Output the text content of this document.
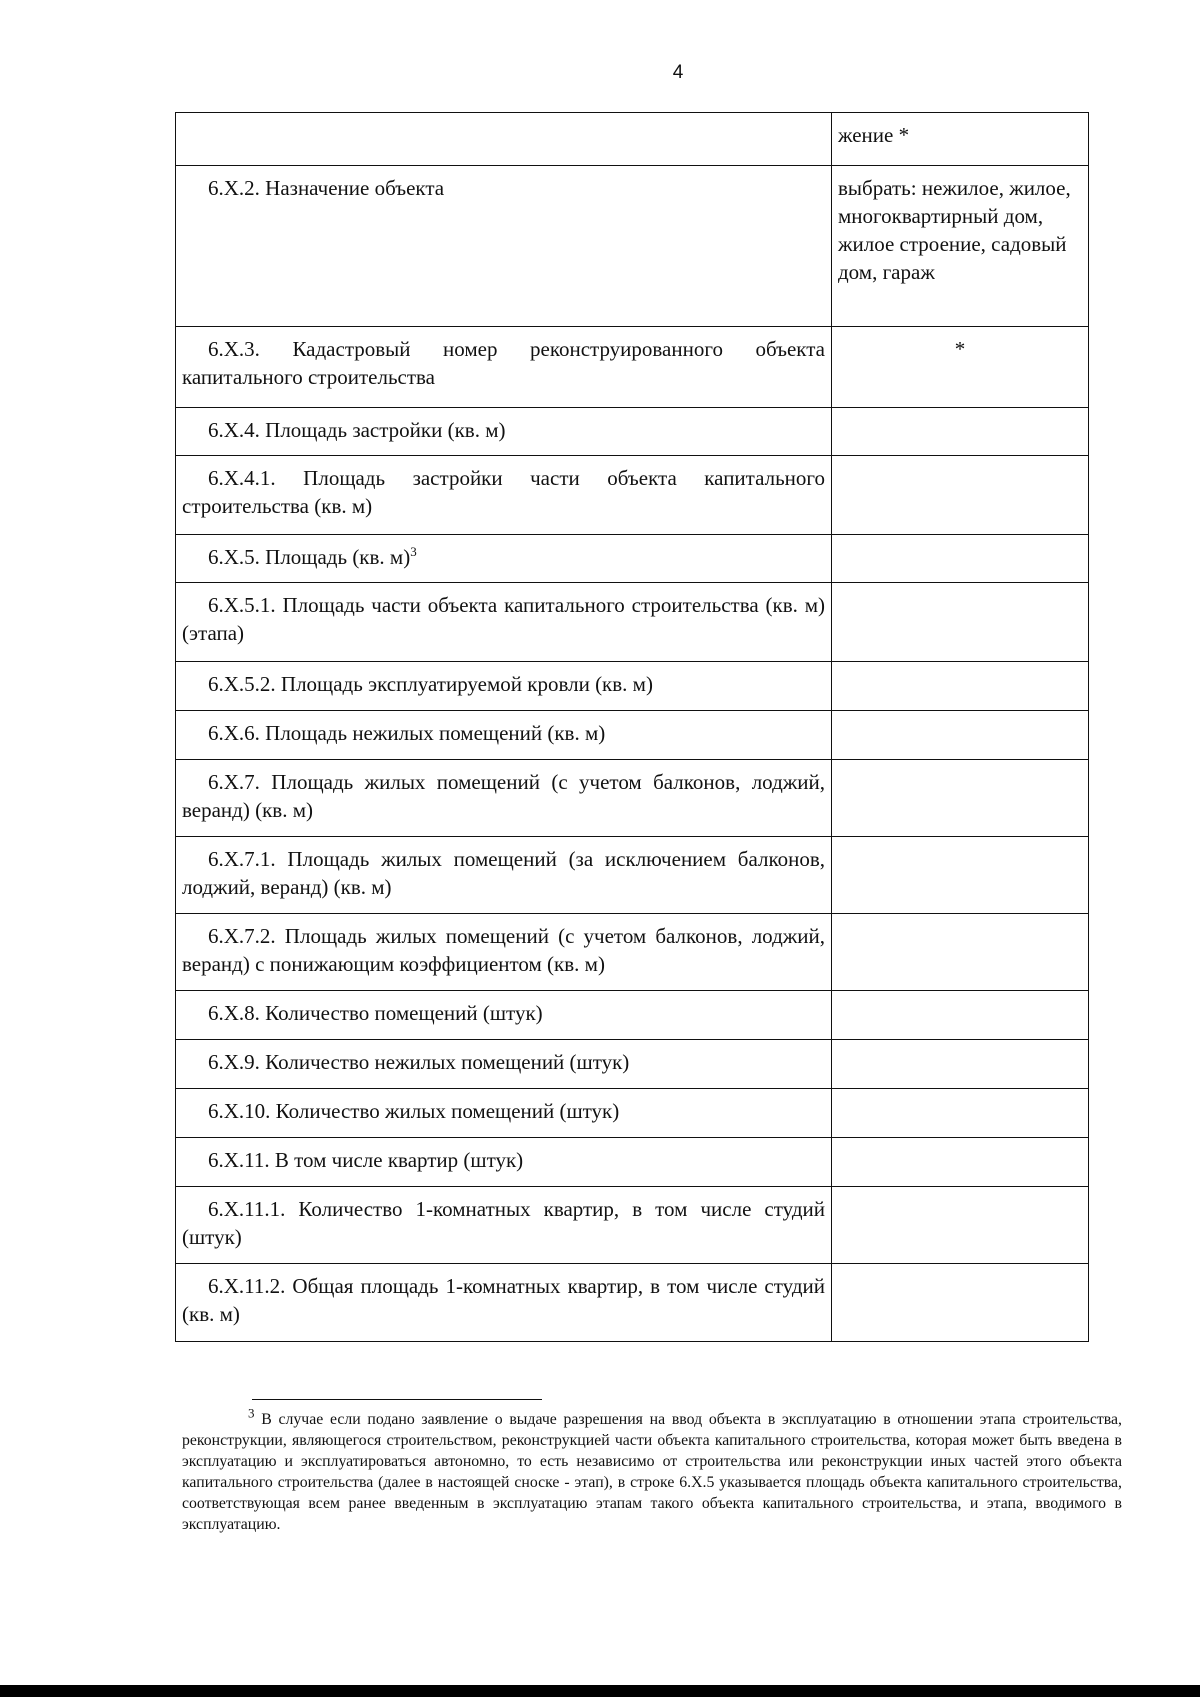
4
	жение *
6.Х.2. Назначение объекта	выбрать: нежилое, жилое, многоквартирный дом, жилое строение, садовый дом, гараж
6.Х.3. Кадастровый номер реконструированного объекта капитального строительства	*
6.Х.4. Площадь застройки (кв. м)	
6.Х.4.1. Площадь застройки части объекта капитального строительства (кв. м)	
6.Х.5. Площадь (кв. м)$^3$	
6.Х.5.1. Площадь части объекта капитального строительства (кв. м) (этапа)	
6.Х.5.2. Площадь эксплуатируемой кровли (кв. м)	
6.Х.6. Площадь нежилых помещений (кв. м)	
6.Х.7. Площадь жилых помещений (с учетом балконов, лоджий, веранд) (кв. м)	
6.Х.7.1. Площадь жилых помещений (за исключением балконов, лоджий, веранд) (кв. м)	
6.Х.7.2. Площадь жилых помещений (с учетом балконов, лоджий, веранд) с понижающим коэффициентом (кв. м)	
6.Х.8. Количество помещений (штук)	
6.Х.9. Количество нежилых помещений (штук)	
6.Х.10. Количество жилых помещений (штук)	
6.Х.11. В том числе квартир (штук)	
6.Х.11.1. Количество 1-комнатных квартир, в том числе студий (штук)	
6.Х.11.2. Общая площадь 1-комнатных квартир, в том числе студий (кв. м)	
$^3$ В случае если подано заявление о выдаче разрешения на ввод объекта в эксплуатацию в отношении этапа строительства, реконструкции, являющегося строительством, реконструкцией части объекта капитального строительства, которая может быть введена в эксплуатацию и эксплуатироваться автономно, то есть независимо от строительства или реконструкции иных частей этого объекта капитального строительства (далее в настоящей сноске - этап), в строке 6.Х.5 указывается площадь объекта капитального строительства, соответствующая всем ранее введенным в эксплуатацию этапам такого объекта капитального строительства, и этапа, вводимого в эксплуатацию.
